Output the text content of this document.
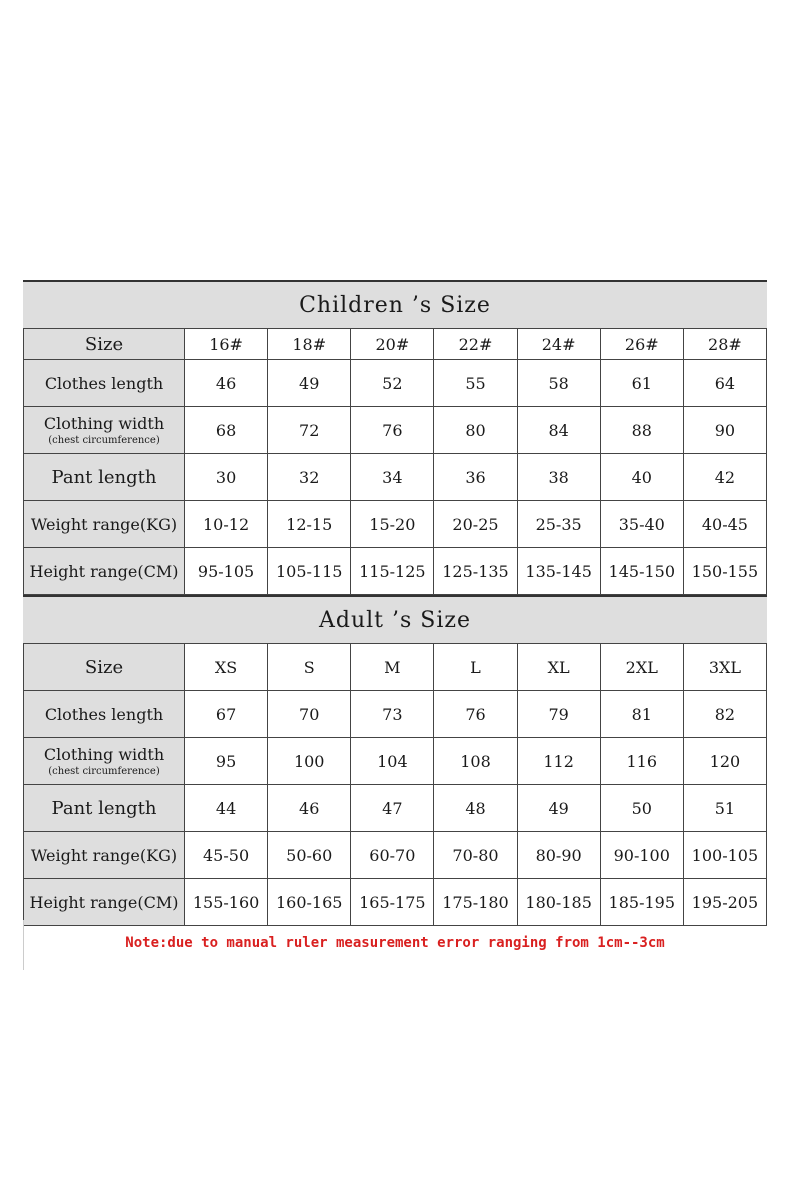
Children ’s Size
Size	16#	18#	20#	22#	24#	26#	28#
Clothes length	46	49	52	55	58	61	64
Clothing width
(chest circumference)	68	72	76	80	84	88	90
Pant length	30	32	34	36	38	40	42
Weight range(KG)	10-12	12-15	15-20	20-25	25-35	35-40	40-45
Height range(CM)	95-105	105-115	115-125	125-135	135-145	145-150	150-155
Adult ’s Size
Size	XS	S	M	L	XL	2XL	3XL
Clothes length	67	70	73	76	79	81	82
Clothing width
(chest circumference)	95	100	104	108	112	116	120
Pant length	44	46	47	48	49	50	51
Weight range(KG)	45-50	50-60	60-70	70-80	80-90	90-100	100-105
Height range(CM)	155-160	160-165	165-175	175-180	180-185	185-195	195-205
Note:due to manual ruler measurement error ranging from 1cm--3cm
